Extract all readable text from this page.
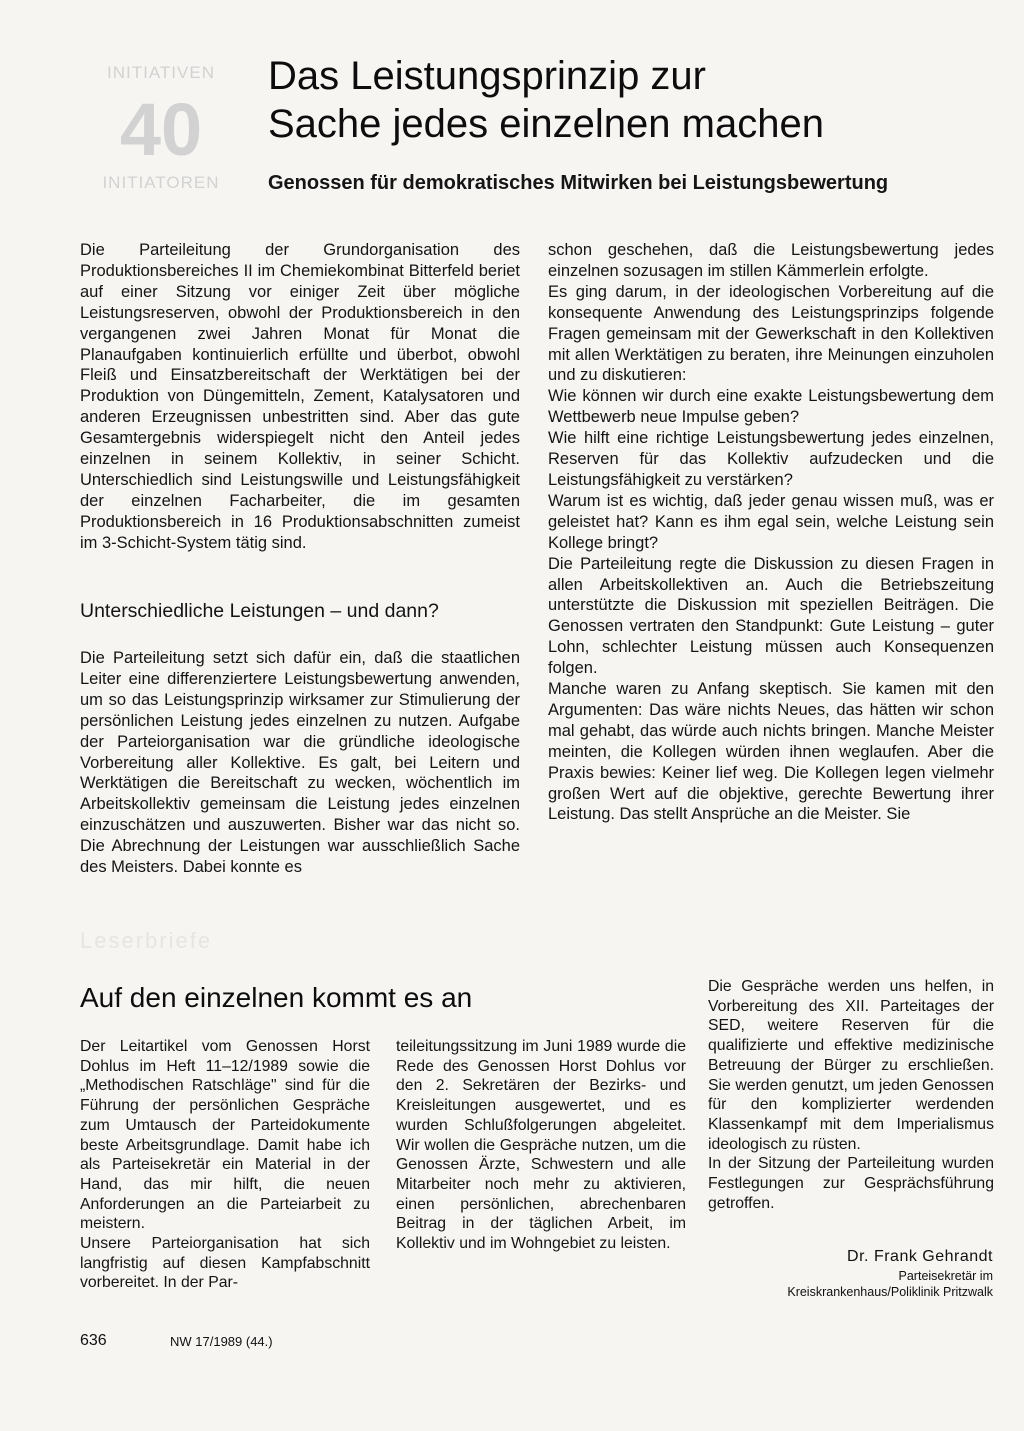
INITIATIVEN
40
INITIATOREN
Das Leistungsprinzip zur
Sache jedes einzelnen machen
Genossen für demokratisches Mitwirken bei Leistungsbewertung

Die Parteileitung der Grundorganisation des Produktionsbereiches II im Chemiekombinat Bitterfeld beriet auf einer Sitzung vor einiger Zeit über mögliche Leistungsreserven, obwohl der Produktionsbereich in den vergangenen zwei Jahren Monat für Monat die Planaufgaben kontinuierlich erfüllte und überbot, obwohl Fleiß und Einsatzbereitschaft der Werktätigen bei der Produktion von Düngemitteln, Zement, Katalysatoren und anderen Erzeugnissen unbestritten sind. Aber das gute Gesamtergebnis widerspiegelt nicht den Anteil jedes einzelnen in seinem Kollektiv, in seiner Schicht. Unterschiedlich sind Leistungswille und Leistungsfähigkeit der einzelnen Facharbeiter, die im gesamten Produktionsbereich in 16 Produktionsabschnitten zumeist im 3-Schicht-System tätig sind.

Unterschiedliche Leistungen – und dann?

Die Parteileitung setzt sich dafür ein, daß die staatlichen Leiter eine differenziertere Leistungsbewertung anwenden, um so das Leistungsprinzip wirksamer zur Stimulierung der persönlichen Leistung jedes einzelnen zu nutzen. Aufgabe der Parteiorganisation war die gründliche ideologische Vorbereitung aller Kollektive. Es galt, bei Leitern und Werktätigen die Bereitschaft zu wecken, wöchentlich im Arbeitskollektiv gemeinsam die Leistung jedes einzelnen einzuschätzen und auszuwerten. Bisher war das nicht so. Die Abrechnung der Leistungen war ausschließlich Sache des Meisters. Dabei konnte es

schon geschehen, daß die Leistungsbewertung jedes einzelnen sozusagen im stillen Kämmerlein erfolgte.

Es ging darum, in der ideologischen Vorbereitung auf die konsequente Anwendung des Leistungsprinzips folgende Fragen gemeinsam mit der Gewerkschaft in den Kollektiven mit allen Werktätigen zu beraten, ihre Meinungen einzuholen und zu diskutieren:

Wie können wir durch eine exakte Leistungsbewertung dem Wettbewerb neue Impulse geben?

Wie hilft eine richtige Leistungsbewertung jedes einzelnen, Reserven für das Kollektiv aufzudecken und die Leistungsfähigkeit zu verstärken?

Warum ist es wichtig, daß jeder genau wissen muß, was er geleistet hat? Kann es ihm egal sein, welche Leistung sein Kollege bringt?

Die Parteileitung regte die Diskussion zu diesen Fragen in allen Arbeitskollektiven an. Auch die Betriebszeitung unterstützte die Diskussion mit speziellen Beiträgen. Die Genossen vertraten den Standpunkt: Gute Leistung – guter Lohn, schlechter Leistung müssen auch Konsequenzen folgen.

Manche waren zu Anfang skeptisch. Sie kamen mit den Argumenten: Das wäre nichts Neues, das hätten wir schon mal gehabt, das würde auch nichts bringen. Manche Meister meinten, die Kollegen würden ihnen weglaufen. Aber die Praxis bewies: Keiner lief weg. Die Kollegen legen vielmehr großen Wert auf die objektive, gerechte Bewertung ihrer Leistung. Das stellt Ansprüche an die Meister. Sie

Leserbriefe
Auf den einzelnen kommt es an

Der Leitartikel vom Genossen Horst Dohlus im Heft 11–12/1989 sowie die „Methodischen Ratschläge" sind für die Führung der persönlichen Gespräche zum Umtausch der Parteidokumente beste Arbeitsgrundlage. Damit habe ich als Parteisekretär ein Material in der Hand, das mir hilft, die neuen Anforderungen an die Parteiarbeit zu meistern.

Unsere Parteiorganisation hat sich langfristig auf diesen Kampfabschnitt vorbereitet. In der Par-

teileitungssitzung im Juni 1989 wurde die Rede des Genossen Horst Dohlus vor den 2. Sekretären der Bezirks- und Kreisleitungen ausgewertet, und es wurden Schlußfolgerungen abgeleitet. Wir wollen die Gespräche nutzen, um die Genossen Ärzte, Schwestern und alle Mitarbeiter noch mehr zu aktivieren, einen persönlichen, abrechenbaren Beitrag in der täglichen Arbeit, im Kollektiv und im Wohngebiet zu leisten.

Die Gespräche werden uns helfen, in Vorbereitung des XII. Parteitages der SED, weitere Reserven für die qualifizierte und effektive medizinische Betreuung der Bürger zu erschließen. Sie werden genutzt, um jeden Genossen für den komplizierter werdenden Klassenkampf mit dem Imperialismus ideologisch zu rüsten.

In der Sitzung der Parteileitung wurden Festlegungen zur Gesprächsführung getroffen.

Dr. Frank Gehrandt
Parteisekretär im
Kreiskrankenhaus/Poliklinik Pritzwalk
636	NW 17/1989 (44.)
